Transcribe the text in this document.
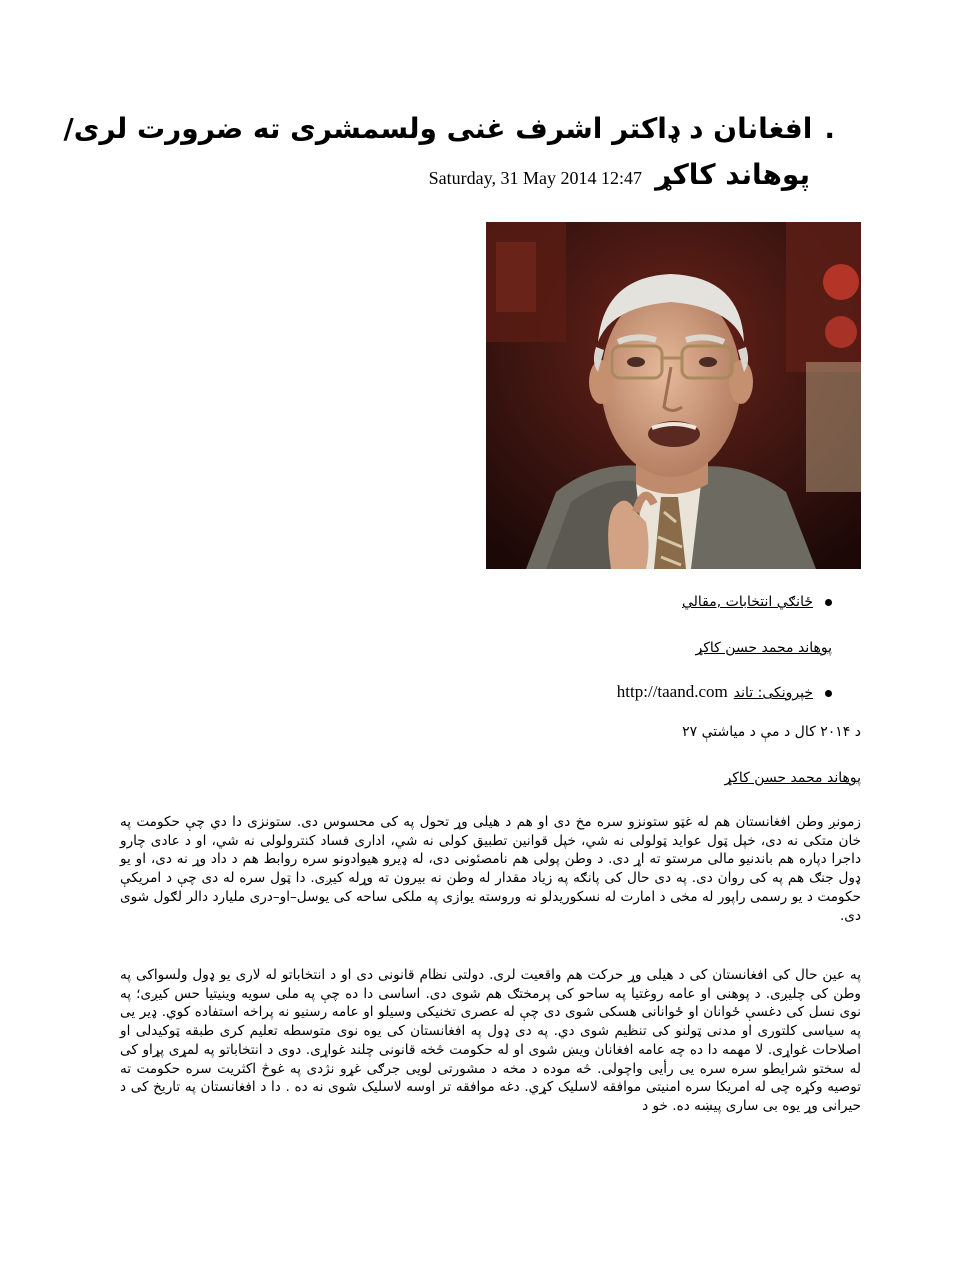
.افغانان د ډاکتر اشرف غنی ولسمشری ته ضرورت لری/
پوهاند کاکړ Saturday, 31 May 2014 12:47
ځانګي انتخابات ,مقالي
پوهاند محمد حسن کاکړ
خپرونکی: تاندhttp://taand.com
د ۲۰۱۴ کال د مې د میاشتې ۲۷
پوهاند محمد حسن کاکړ

زمونږ وطن افغانستان هم له غټو ستونزو سره مخ دی او هم د هیلی وړ تحول په کی محسوس دی. ستونزی دا دي چې حکومت په خان متکی نه دی، خپل ټول عواید ټولولی نه شي، خپل قوانین تطبیق کولی نه شي، اداری فساد کنترولولی نه شي، او د عادی چارو داجرا دپاره هم باندنیو مالی مرستو ته اړ دی. د وطن پولی هم نامصئونی دی، له ډیرو هیوادونو سره روابط هم د داد وړ نه دی، او یو ډول جنګ هم په کی روان دی. په دی حال کی پانګه په زیاد مقدار له وطن نه بیرون ته وړله کیږی. دا ټول سره له دی چې د امریکې حکومت د یو رسمی راپور له مخی د امارت له نسکوریدلو نه وروسته یوازی په ملکی ساحه کی یوسل–او–دری ملیارد دالر لګول شوی دی.

په عین حال کی افغانستان کی د هیلی وړ حرکت هم واقعیت لری. دولتی نظام قانونی دی او د انتخاباتو له لاری یو ډول ولسواکی په وطن کی چلیږی. د پوهنی او عامه روغتیا په ساحو کی پرمختګ هم شوی دی. اساسی دا ده چې په ملی سویه وینیتیا حس کیږی؛ په نوی نسل کی دغسې ځوانان او ځوانانی هسکی شوی دی چې له عصری تخنیکی وسیلو او عامه رسنیو نه پراخه استفاده کوي. ډیر یی په سیاسی کلتوری او مدنی ټولنو کی تنظیم شوی دي. په دی ډول په افغانستان کی یوه نوی متوسطه تعلیم کری طبقه ټوکیدلی او اصلاحات غواړی. لا مهمه دا ده چه عامه افغانان ویښ شوی او له حکومت څخه قانونی چلند غواړی. دوی د انتخاباتو په لمړی پړاو کی له سختو شرایطو سره سره یی رأیی واچولی. څه موده د مخه د مشورتی لویی جرګی غړو نژدی په غوڅ اکثریت سره حکومت ته توصیه وکړه چی له امریکا سره امنیتی موافقه لاسلیک کړي. دغه موافقه تر اوسه لاسلیک شوی نه ده . دا د افغانستان په تاریخ کی د حیرانی وړ یوه بی ساری پیښه ده. خو د
